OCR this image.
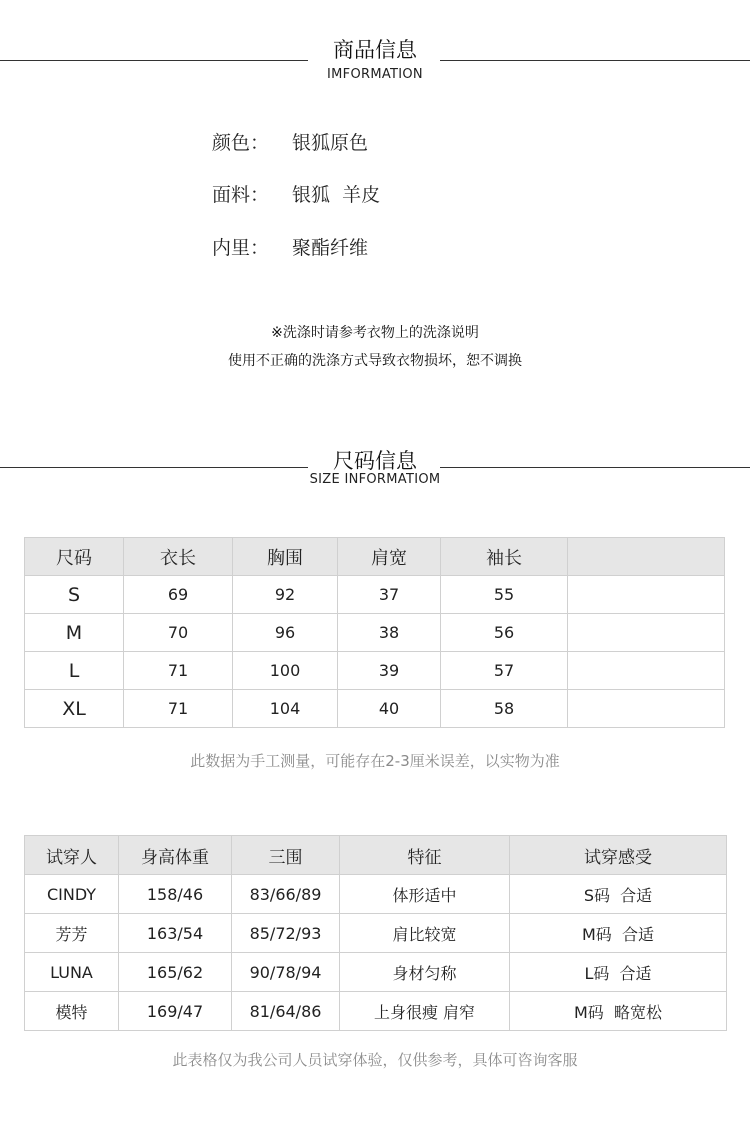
商品信息
IMFORMATION
颜色： 银狐原色
面料： 银狐  羊皮
内里： 聚酯纤维
※洗涤时请参考衣物上的洗涤说明
使用不正确的洗涤方式导致衣物损坏，恕不调换
尺码信息
SIZE INFORMATIOM
尺码	衣长	胸围	肩宽	袖长	
S	69	92	37	55	
M	70	96	38	56	
L	71	100	39	57	
XL	71	104	40	58	
此数据为手工测量，可能存在2-3厘米误差，以实物为准
试穿人	身高体重	三围	特征	试穿感受
CINDY	158/46	83/66/89	体形适中	S码  合适
芳芳	163/54	85/72/93	肩比较宽	M码  合适
LUNA	165/62	90/78/94	身材匀称	L码  合适
模特	169/47	81/64/86	上身很瘦 肩窄	M码  略宽松
此表格仅为我公司人员试穿体验，仅供参考，具体可咨询客服
